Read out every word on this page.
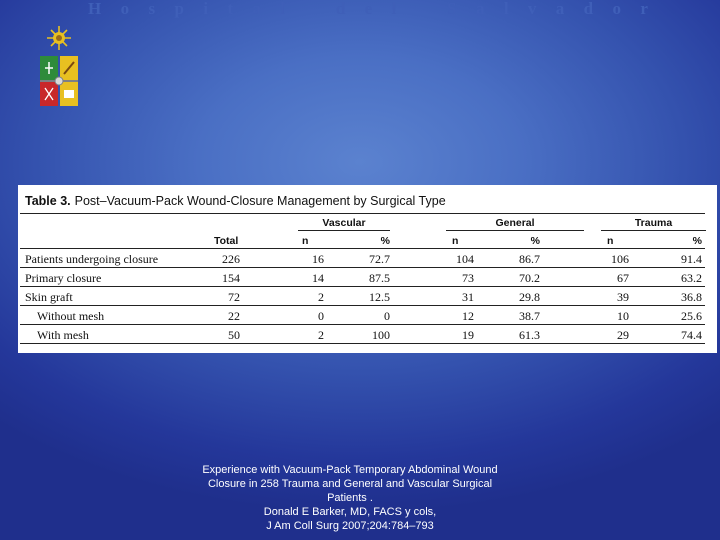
H o s p i t a l
	d e l
	S a l v a d o r
Table 3. Post–Vacuum-Pack Wound-Closure Management by Surgical Type
Vascular	General	Trauma
Total	n	%	n	%	n	%
Patients undergoing closure	226	16	72.7	104	86.7	106	91.4
Primary closure	154	14	87.5	73	70.2	67	63.2
Skin graft	72	2	12.5	31	29.8	39	36.8
Without mesh	22	0	0	12	38.7	10	25.6
With mesh	50	2	100	19	61.3	29	74.4
Experience with Vacuum-Pack Temporary Abdominal Wound
Closure in 258 Trauma and General and Vascular Surgical
Patients .
Donald E Barker, MD, FACS y cols,
J Am Coll Surg 2007;204:784–793
